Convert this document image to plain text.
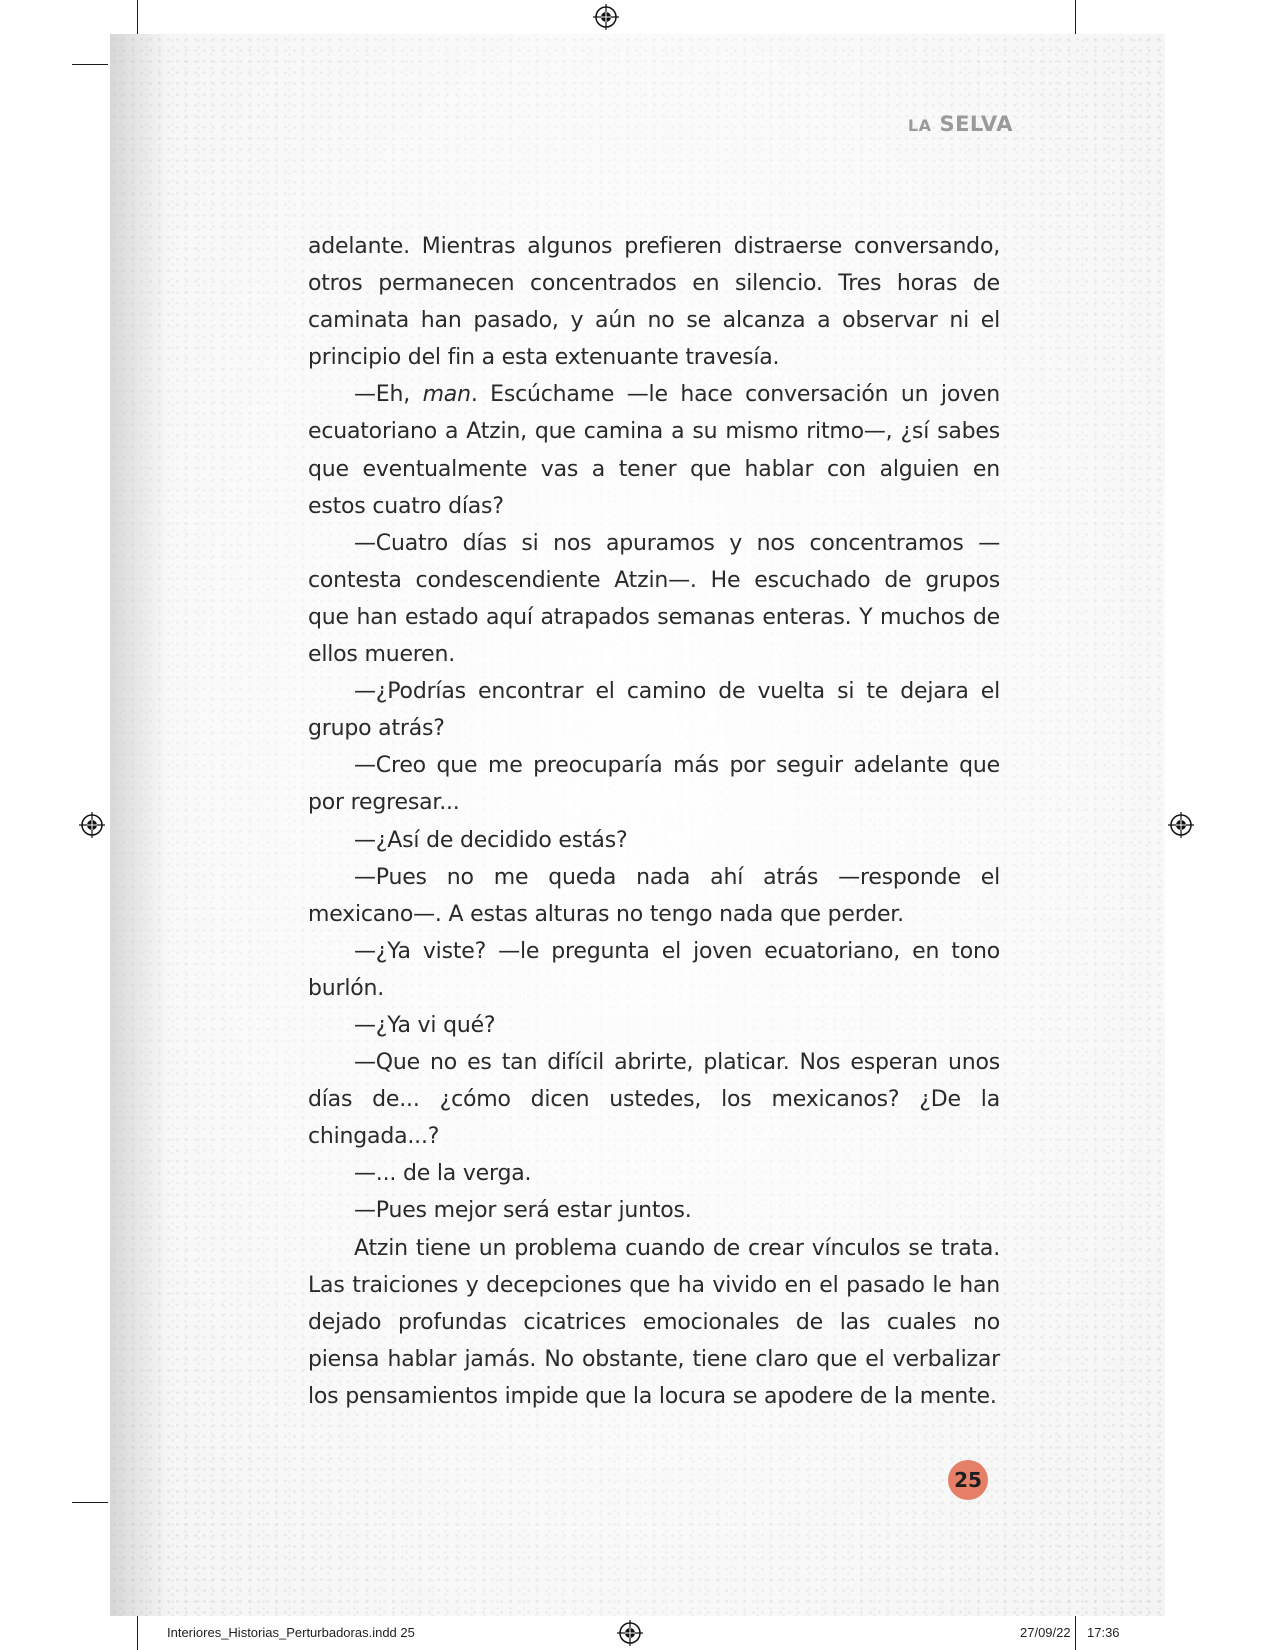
LA SELVA

adelante. Mientras algunos prefieren distraerse conversando, otros permanecen concentrados en silencio. Tres horas de caminata han pasado, y aún no se alcanza a observar ni el principio del fin a esta extenuante travesía.

—Eh, man. Escúchame —le hace conversación un joven ecuatoriano a Atzin, que camina a su mismo ritmo—, ¿sí sabes que eventualmente vas a tener que hablar con alguien en estos cuatro días?

—Cuatro días si nos apuramos y nos concentramos —contesta condescendiente Atzin—. He escuchado de grupos que han estado aquí atrapados semanas enteras. Y muchos de ellos mueren.

—¿Podrías encontrar el camino de vuelta si te dejara el grupo atrás?

—Creo que me preocuparía más por seguir adelante que por regresar...

—¿Así de decidido estás?

—Pues no me queda nada ahí atrás —responde el mexicano—. A estas alturas no tengo nada que perder.

—¿Ya viste? —le pregunta el joven ecuatoriano, en tono burlón.

—¿Ya vi qué?

—Que no es tan difícil abrirte, platicar. Nos esperan unos días de... ¿cómo dicen ustedes, los mexicanos? ¿De la chingada...?

—... de la verga.

—Pues mejor será estar juntos.

Atzin tiene un problema cuando de crear vínculos se trata. Las traiciones y decepciones que ha vivido en el pasado le han dejado profundas cicatrices emocionales de las cuales no piensa hablar jamás. No obstante, tiene claro que el verbalizar los pensamientos impide que la locura se apodere de la mente.

25
Interiores_Historias_Perturbadoras.indd 25	27/09/22 17:36
